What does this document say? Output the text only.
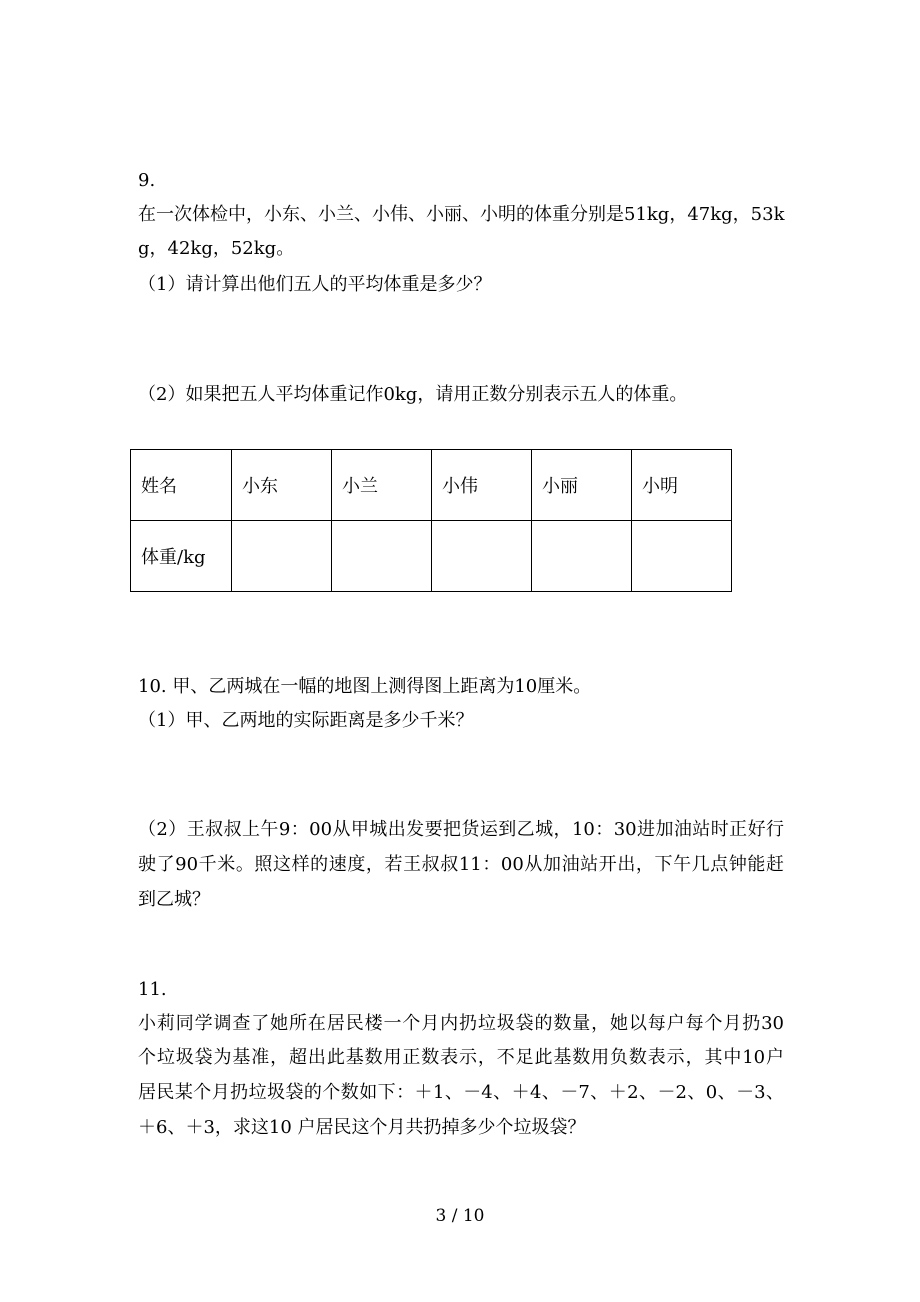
9.
在一次体检中，小东、小兰、小伟、小丽、小明的体重分别是51kg，47kg，53k
g，42kg，52kg。
（1）请计算出他们五人的平均体重是多少？
（2）如果把五人平均体重记作0kg，请用正数分别表示五人的体重。
姓名	小东	小兰	小伟	小丽	小明
体重/kg					
10. 甲、乙两城在一幅的地图上测得图上距离为10厘米。
（1）甲、乙两地的实际距离是多少千米？
（2）王叔叔上午9：00从甲城出发要把货运到乙城，10：30进加油站时正好行
驶了90千米。照这样的速度，若王叔叔11：00从加油站开出，下午几点钟能赶
到乙城？
11.
小莉同学调查了她所在居民楼一个月内扔垃圾袋的数量，她以每户每个月扔30
个垃圾袋为基准，超出此基数用正数表示，不足此基数用负数表示，其中10户
居民某个月扔垃圾袋的个数如下：＋1、－4、＋4、－7、＋2、－2、0、－3、
＋6、＋3，求这10 户居民这个月共扔掉多少个垃圾袋？
3 / 10
